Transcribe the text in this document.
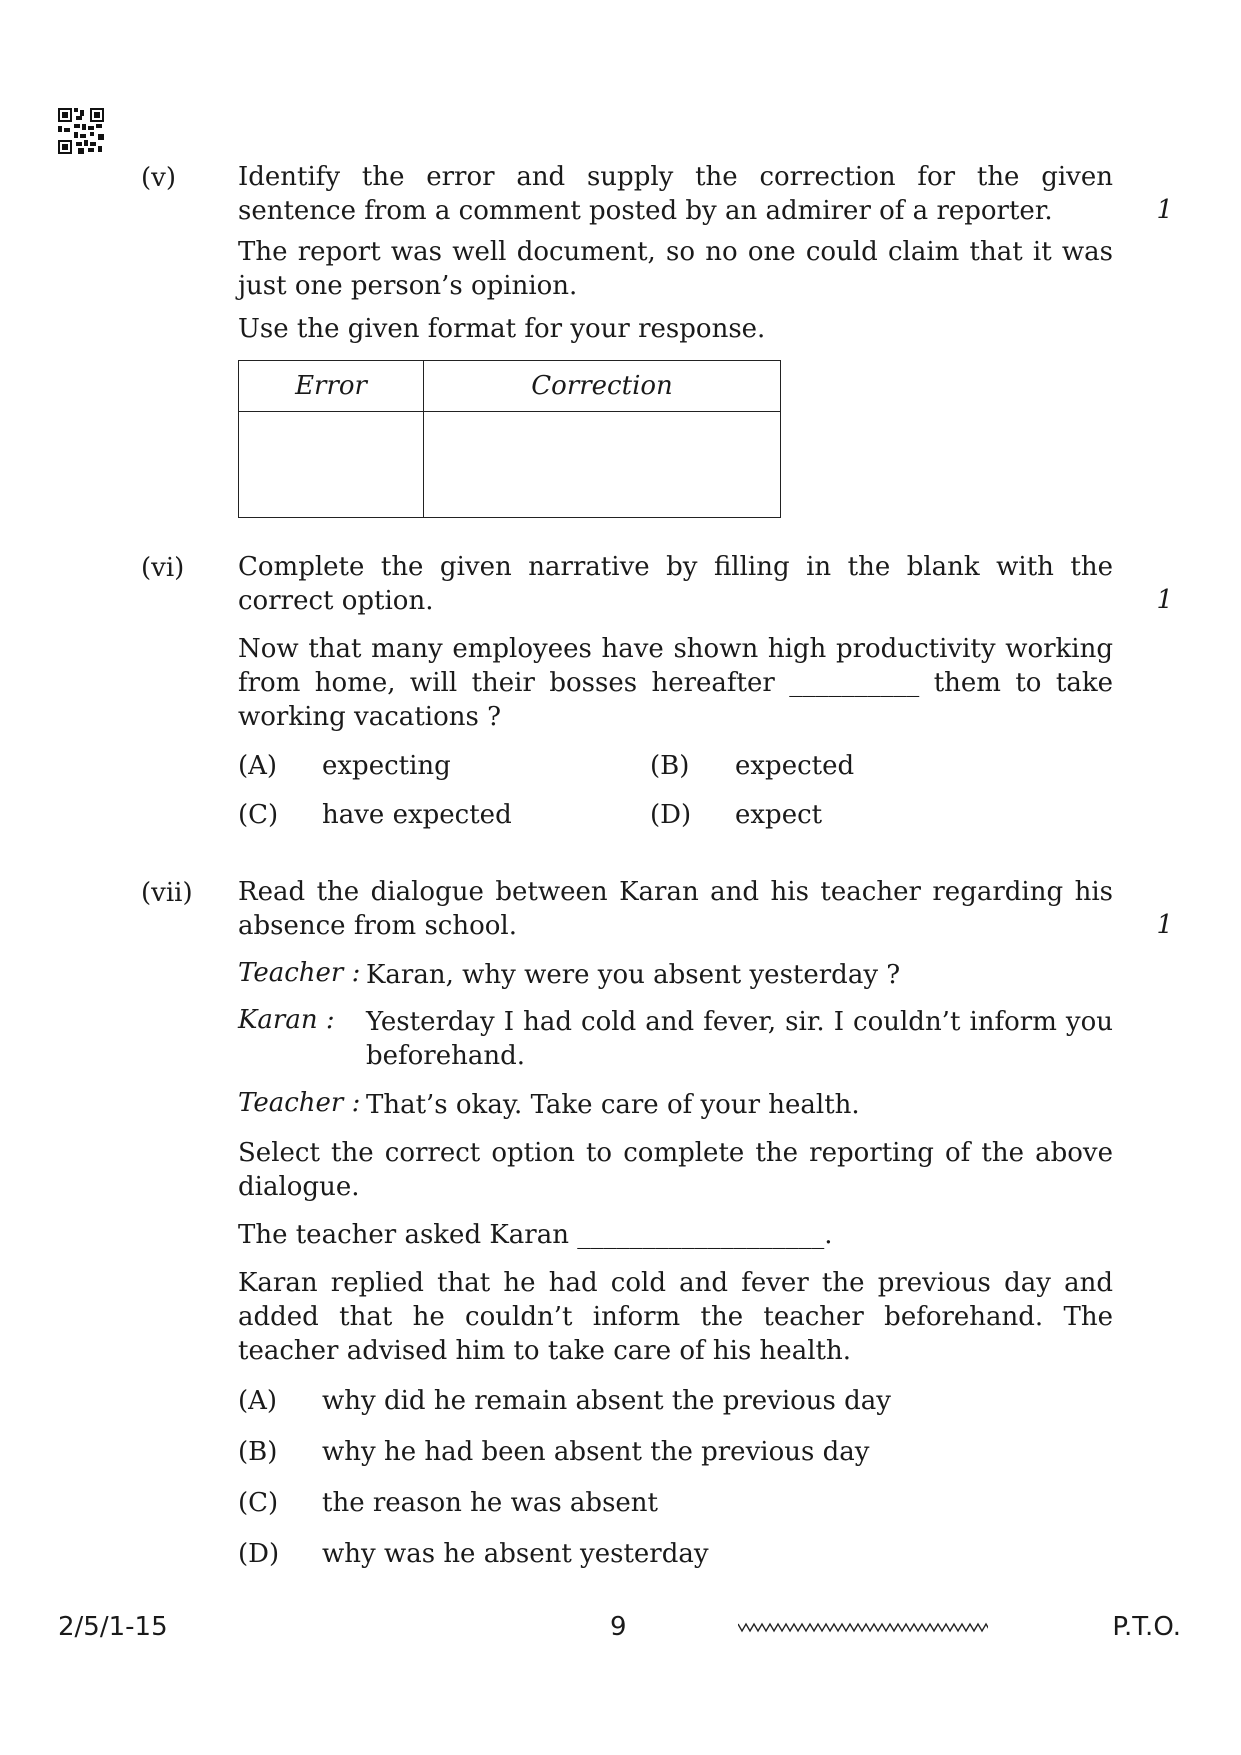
(v) Identify the error and supply the correction for the given sentence from a comment posted by an admirer of a reporter.	1

The report was well document, so no one could claim that it was just one person’s opinion.

Use the given format for your response.

Error	Correction

(vi) Complete the given narrative by filling in the blank with the correct option.	1

Now that many employees have shown high productivity working from home, will their bosses hereafter __________ them to take working vacations ?

(A) expecting	(B) expected
(C) have expected	(D) expect
(vii) Read the dialogue between Karan and his teacher regarding his absence from school.	1
Teacher : Karan, why were you absent yesterday ?

Karan : Yesterday I had cold and fever, sir. I couldn’t inform you beforehand.

Teacher : That’s okay. Take care of your health.

Select the correct option to complete the reporting of the above dialogue.

The teacher asked Karan ___________________.

Karan replied that he had cold and fever the previous day and added that he couldn’t inform the teacher beforehand. The teacher advised him to take care of his health.

(A) why did he remain absent the previous day
(B) why he had been absent the previous day
(C) the reason he was absent
(D) why was he absent yesterday
2/5/1-15	9	P.T.O.
